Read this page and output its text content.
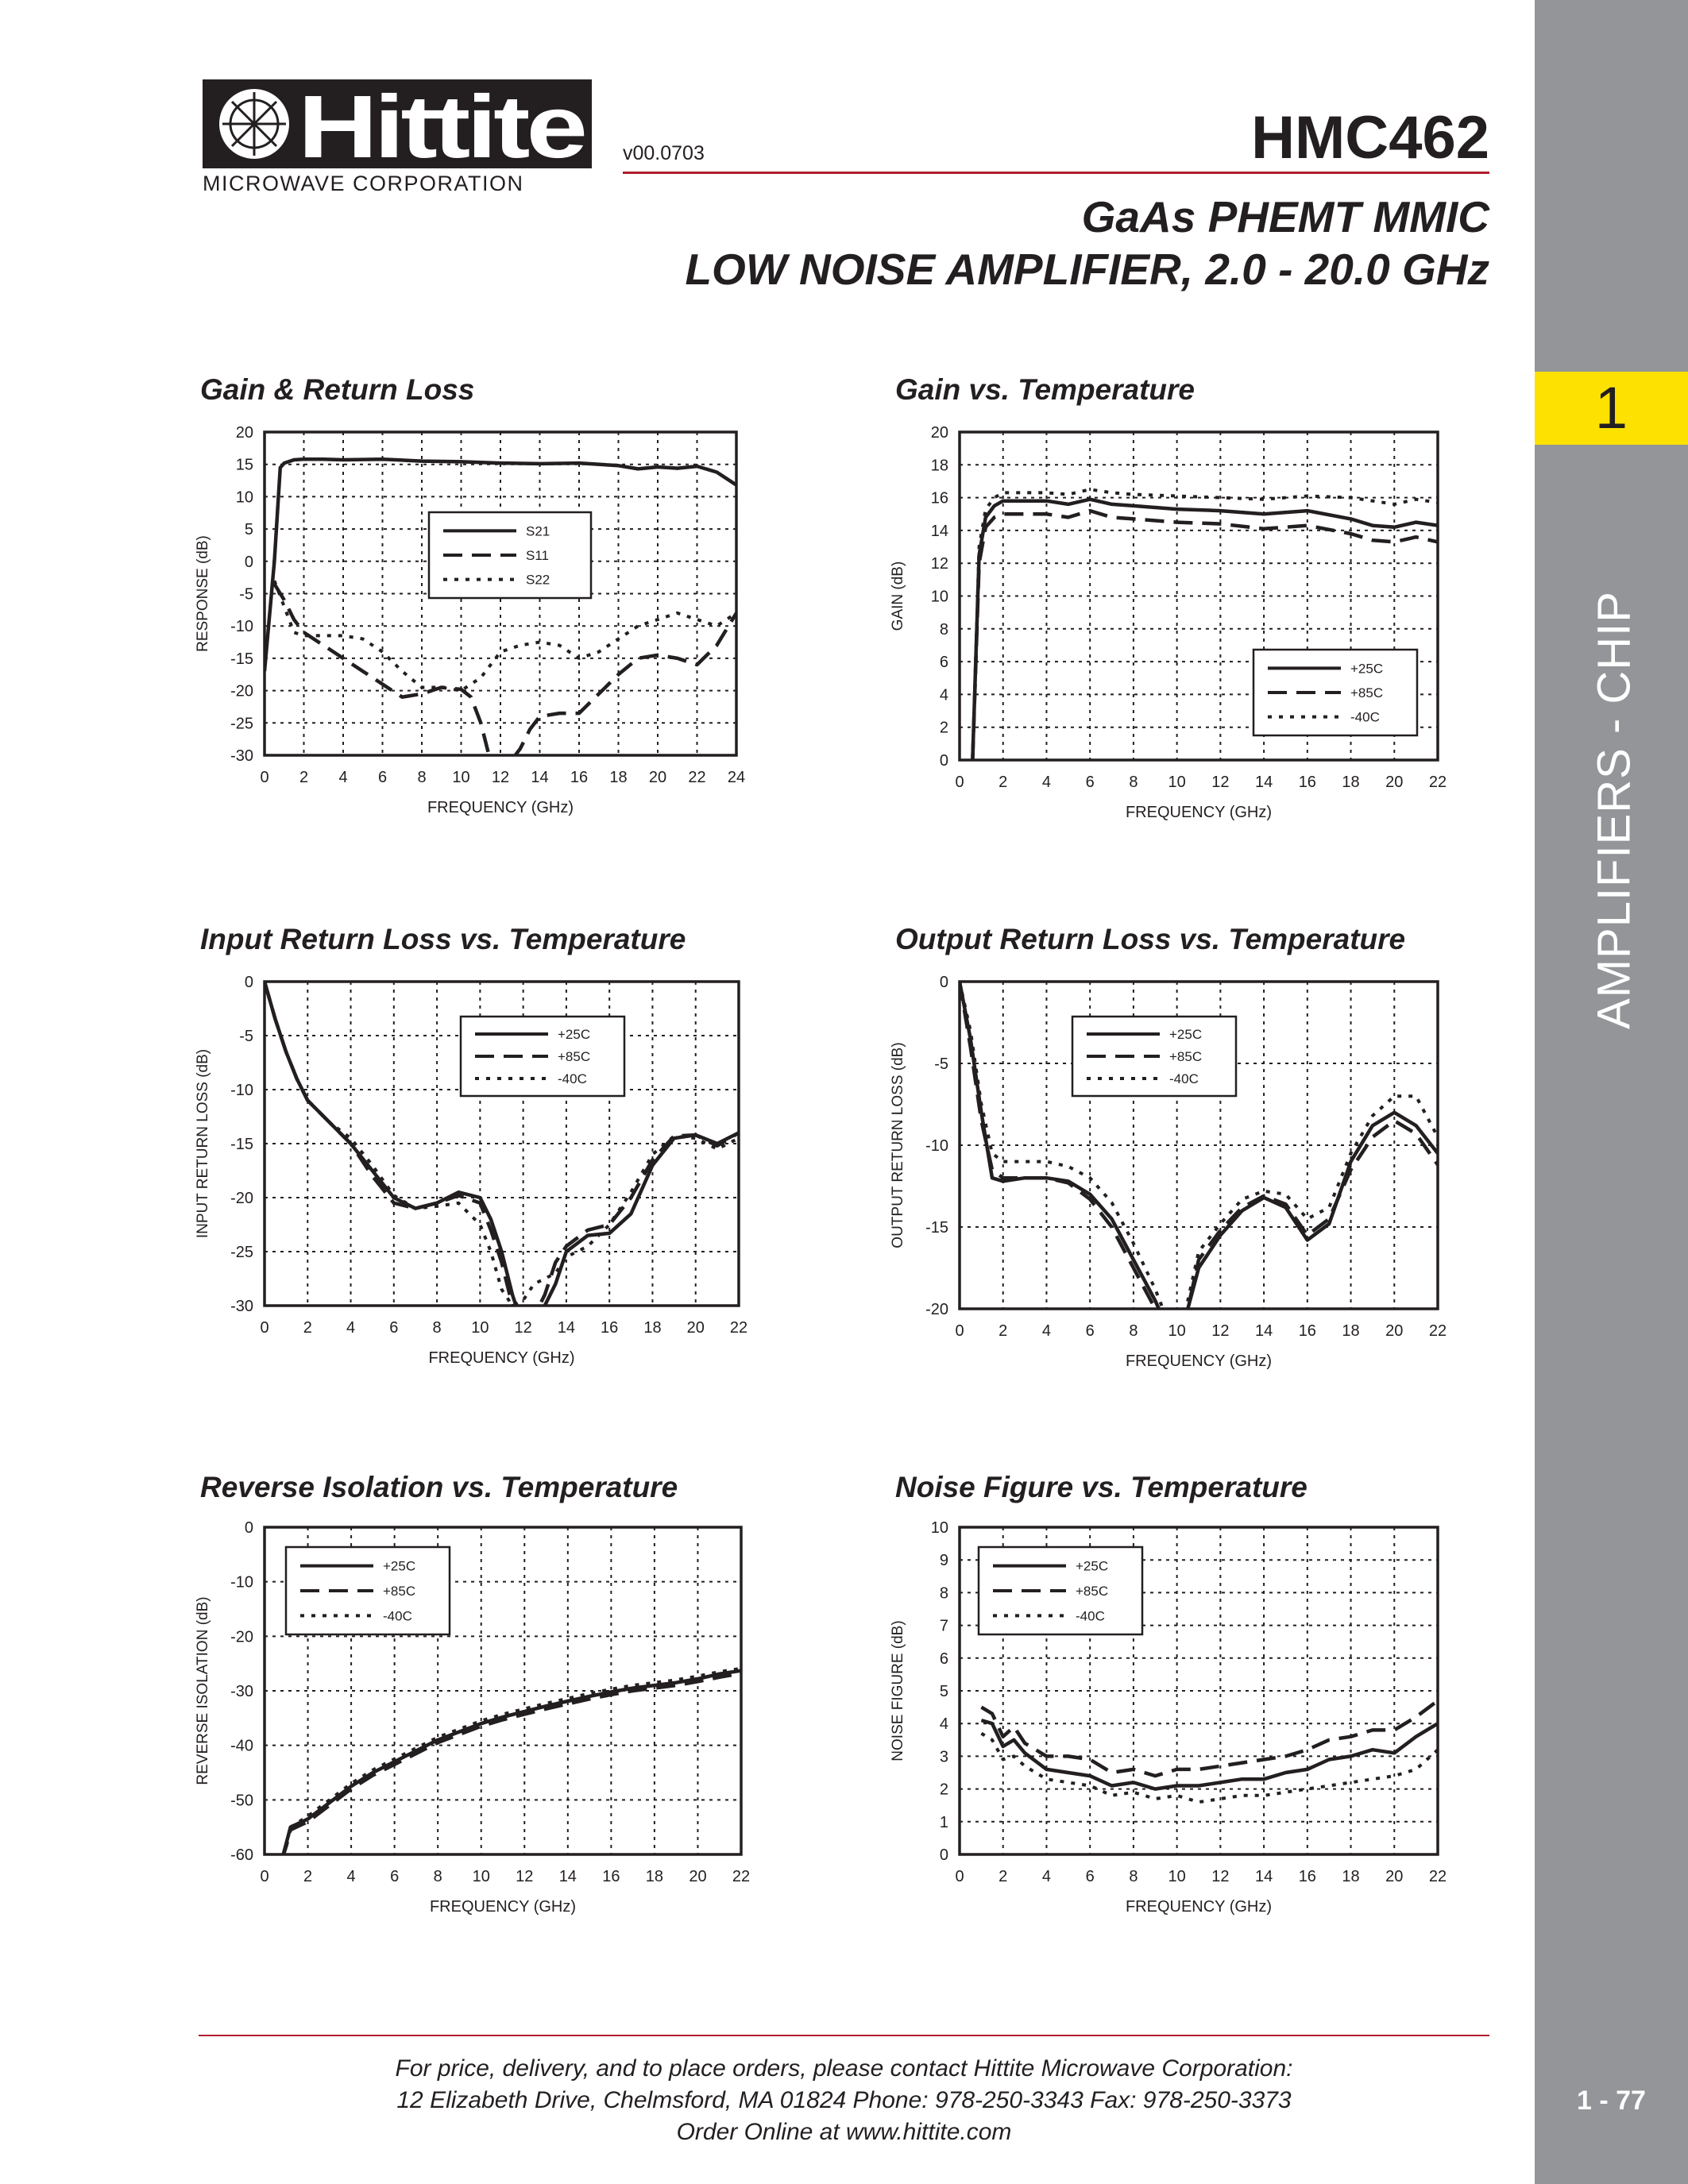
1
AMPLIFIERS - CHIP
1 - 77
Hittite
MICROWAVE CORPORATION
v00.0703	HMC462
GaAs PHEMT MMIC
LOW NOISE AMPLIFIER, 2.0 - 20.0 GHz
Gain & Return Loss	Gain vs. Temperature
Input Return Loss vs. Temperature	Output Return Loss vs. Temperature
Reverse Isolation vs. Temperature	Noise Figure vs. Temperature
0 2 4 6 8 10 12 14 16 18 20 22 24
-30
-25
-20
-15
-10
-5
0
5
10
15
20
FREQUENCY (GHz)
RESPONSE (dB)
S21
S11
S22
0 2 4 6 8 10 12 14 16 18 20 22
0
2
4
6
8
10
12
14
16
18
20
FREQUENCY (GHz)
GAIN (dB)
+25C
+85C
-40C
0 2 4 6 8 10 12 14 16 18 20 22
-30
-25
-20
-15
-10
-5
0
FREQUENCY (GHz)
INPUT RETURN LOSS (dB)
+25C
+85C
-40C
0 2 4 6 8 10 12 14 16 18 20 22
-20
-15
-10
-5
0
FREQUENCY (GHz)
OUTPUT RETURN LOSS (dB)
+25C
+85C
-40C
0 2 4 6 8 10 12 14 16 18 20 22
-60
-50
-40
-30
-20
-10
0
FREQUENCY (GHz)
REVERSE ISOLATION (dB)
+25C
+85C
-40C
0 2 4 6 8 10 12 14 16 18 20 22
0
1
2
3
4
5
6
7
8
9
10
FREQUENCY (GHz)
NOISE FIGURE (dB)
+25C
+85C
-40C
For price, delivery, and to place orders, please contact Hittite Microwave Corporation:
12 Elizabeth Drive, Chelmsford, MA 01824 Phone: 978-250-3343 Fax: 978-250-3373
Order Online at www.hittite.com
